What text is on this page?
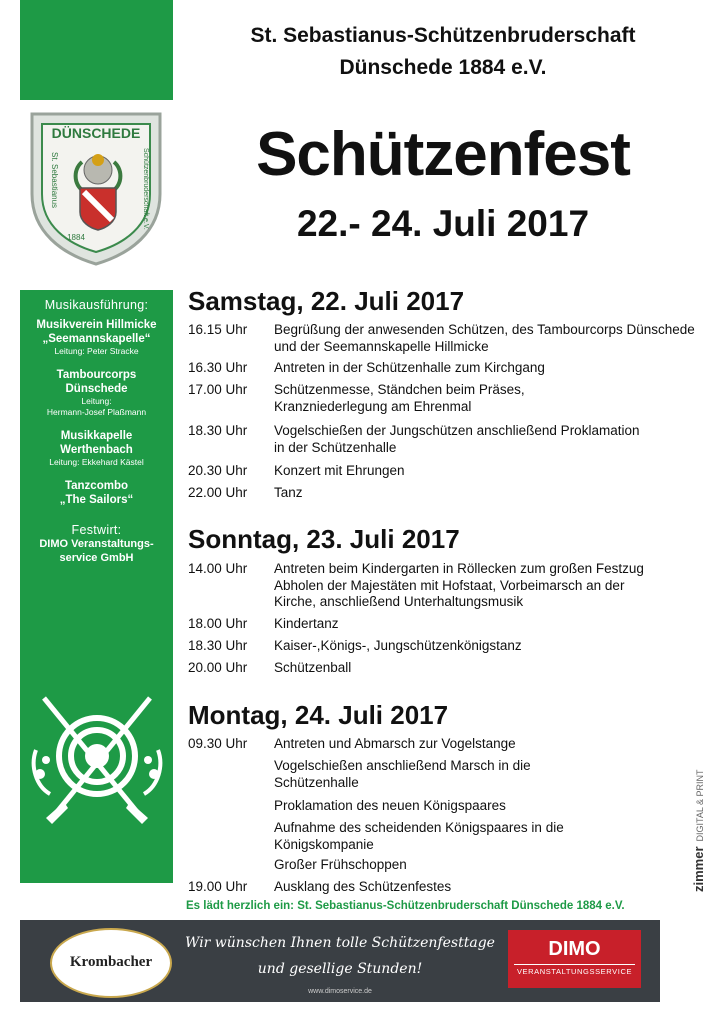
DÜNSCHEDE
St. Sebastianus	Schützenbruderschaft e.V.
1884
Musikausführung:
Musikverein Hillmicke
„Seemannskapelle“
Leitung: Peter Stracke
Tambourcorps
Dünschede
Leitung:
Hermann-Josef Plaßmann
Musikkapelle
Werthenbach
Leitung: Ekkehard Kästel
Tanzcombo
„The Sailors“
Festwirt:
DIMO Veranstaltungs-
service GmbH
St. Sebastianus-Schützenbruderschaft
Dünschede 1884 e.V.
Schützenfest
22.- 24. Juli 2017
Samstag, 22. Juli 2017
16.15 Uhr	Begrüßung der anwesenden Schützen, des Tambourcorps Dünschede und der Seemannskapelle Hillmicke
16.30 Uhr	Antreten in der Schützenhalle zum Kirchgang
17.00 Uhr	Schützenmesse, Ständchen beim Präses, Kranzniederlegung am Ehrenmal
18.30 Uhr	Vogelschießen der Jungschützen anschließend Proklamation in der Schützenhalle
20.30 Uhr	Konzert mit Ehrungen
22.00 Uhr	Tanz
Sonntag, 23. Juli 2017
14.00 Uhr	Antreten beim Kindergarten in Röllecken zum großen Festzug Abholen der Majestäten mit Hofstaat, Vorbeimarsch an der Kirche, anschließend Unterhaltungsmusik
18.00 Uhr	Kindertanz
18.30 Uhr	Kaiser-,Königs-, Jungschützenkönigstanz
20.00 Uhr	Schützenball
Montag, 24. Juli 2017
09.30 Uhr	Antreten und Abmarsch zur Vogelstange
Vogelschießen anschließend Marsch in die Schützenhalle
Proklamation des neuen Königspaares
Aufnahme des scheidenden Königspaares in die Königskompanie
Großer Frühschoppen
19.00 Uhr	Ausklang des Schützenfestes
Es lädt herzlich ein: St. Sebastianus-Schützenbruderschaft Dünschede 1884 e.V.
zimmerDIGITAL & PRINT
Krombacher
Wir wünschen Ihnen tolle Schützenfesttage
und gesellige Stunden!
www.dimoservice.de
DIMO
VERANSTALTUNGSSERVICE
